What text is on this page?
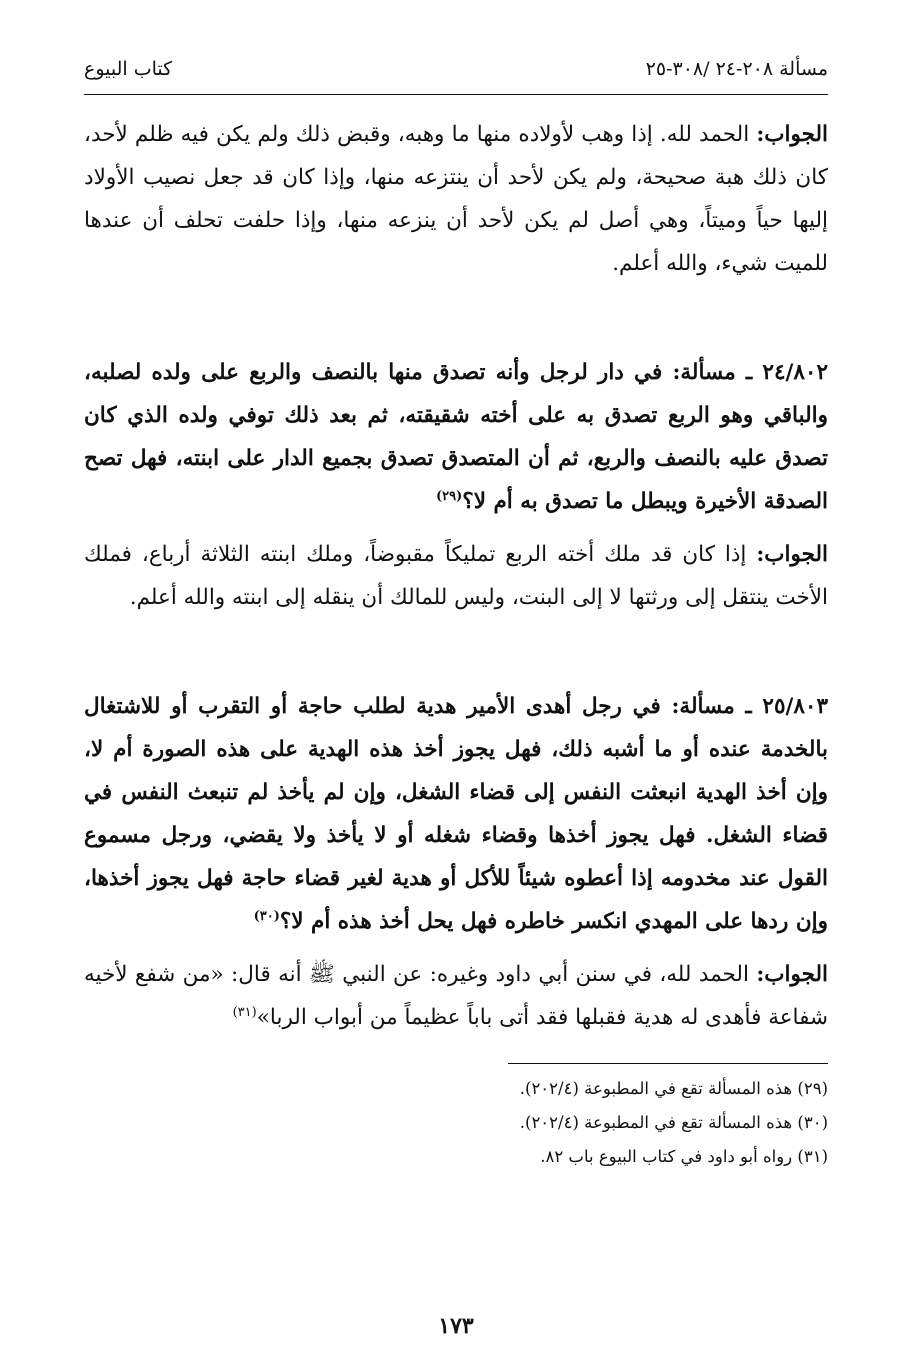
مسألة ٢٠٨-٢٤ /٣٠٨-٢٥
كتاب البيوع

الجواب: الحمد لله. إذا وهب لأولاده منها ما وهبه، وقبض ذلك ولم يكن فيه ظلم لأحد، كان ذلك هبة صحيحة، ولم يكن لأحد أن ينتزعه منها، وإذا كان قد جعل نصيب الأولاد إليها حياً وميتاً، وهي أصل لم يكن لأحد أن ينزعه منها، وإذا حلفت تحلف أن عندها للميت شيء، والله أعلم.

٢٤/٨٠٢ ـ مسألة: في دار لرجل وأنه تصدق منها بالنصف والربع على ولده لصلبه، والباقي وهو الربع تصدق به على أخته شقيقته، ثم بعد ذلك توفي ولده الذي كان تصدق عليه بالنصف والربع، ثم أن المتصدق تصدق بجميع الدار على ابنته، فهل تصح الصدقة الأخيرة ويبطل ما تصدق به أم لا؟$^{(٢٩)}$

الجواب: إذا كان قد ملك أخته الربع تمليكاً مقبوضاً، وملك ابنته الثلاثة أرباع، فملك الأخت ينتقل إلى ورثتها لا إلى البنت، وليس للمالك أن ينقله إلى ابنته والله أعلم.

٢٥/٨٠٣ ـ مسألة: في رجل أهدى الأمير هدية لطلب حاجة أو التقرب أو للاشتغال بالخدمة عنده أو ما أشبه ذلك، فهل يجوز أخذ هذه الهدية على هذه الصورة أم لا، وإن أخذ الهدية انبعثت النفس إلى قضاء الشغل، وإن لم يأخذ لم تنبعث النفس في قضاء الشغل. فهل يجوز أخذها وقضاء شغله أو لا يأخذ ولا يقضي، ورجل مسموع القول عند مخدومه إذا أعطوه شيئاً للأكل أو هدية لغير قضاء حاجة فهل يجوز أخذها، وإن ردها على المهدي انكسر خاطره فهل يحل أخذ هذه أم لا؟$^{(٣٠)}$

الجواب: الحمد لله، في سنن أبي داود وغيره: عن النبي ﷺ أنه قال: «من شفع لأخيه شفاعة فأهدى له هدية فقبلها فقد أتى باباً عظيماً من أبواب الربا»$^{(٣١)}$

(٢٩) هذه المسألة تقع في المطبوعة (٢٠٢/٤).

(٣٠) هذه المسألة تقع في المطبوعة (٢٠٢/٤).

(٣١) رواه أبو داود في كتاب البيوع باب ٨٢.

١٧٣
